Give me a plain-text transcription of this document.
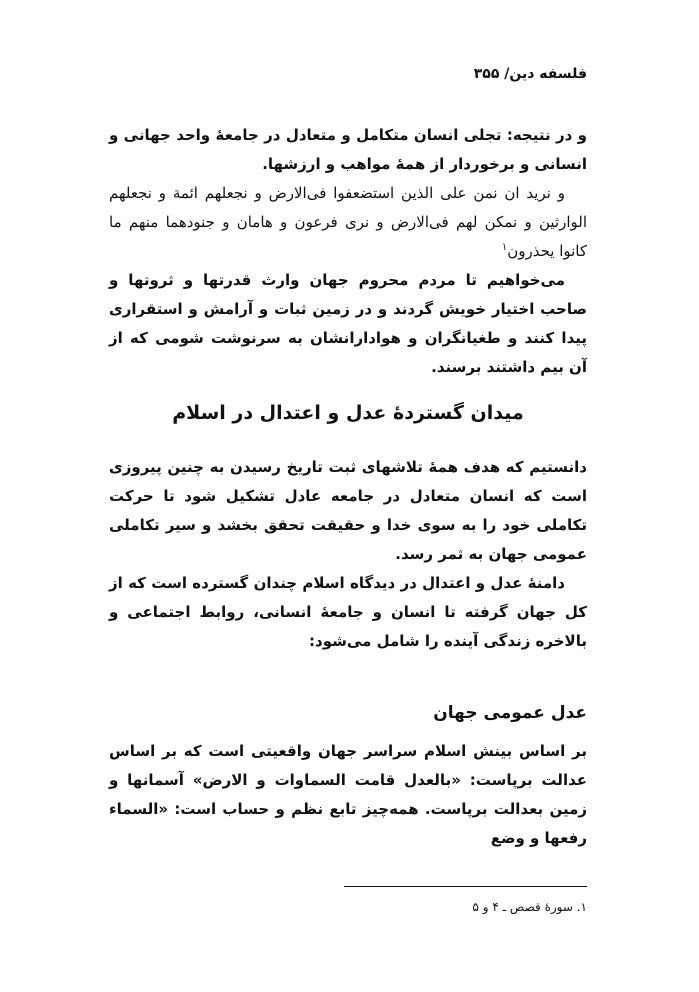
فلسفه دین/ ۳۵۵

و در نتیجه: تجلی انسان متکامل و متعادل در جامعۀ واحد جهانی و انسانی و برخوردار از همۀ مواهب و ارزشها.

و نرید ان نمن علی الذین استضعفوا فی‌الارض و نجعلهم ائمة و نجعلهم الوارثین و نمکن لهم فی‌الارض و نری فرعون و هامان و جنودهما منهم ما کانوا یحذرون$^۱$

می‌خواهیم تا مردم محروم جهان وارث قدرتها و ثروتها و صاحب اختیار خویش گردند و در زمین ثبات و آرامش و استقراری پیدا کنند و طغیانگران و هوادارانشان به سرنوشت شومی که از آن بیم داشتند برسند.

میدان گستردۀ عدل و اعتدال در اسلام

دانستیم که هدف همۀ تلاشهای ثبت تاریخ رسیدن به چنین پیروزی است که انسان متعادل در جامعه عادل تشکیل شود تا حرکت تکاملی خود را به سوی خدا و حقیقت تحقق بخشد و سیر تکاملی عمومی جهان به ثمر رسد.

دامنۀ عدل و اعتدال در دیدگاه اسلام چندان گسترده است که از کل جهان گرفته تا انسان و جامعۀ انسانی، روابط اجتماعی و بالاخره زندگی آینده را شامل می‌شود:

عدل عمومی جهان

بر اساس بینش اسلام سراسر جهان واقعیتی است که بر اساس عدالت برپاست: «بالعدل قامت السماوات و الارض» آسمانها و زمین بعدالت برپاست. همه‌چیز تابع نظم و حساب است: «السماء رفعها و وضع

۱. سورۀ قصص ـ ۴ و ۵
